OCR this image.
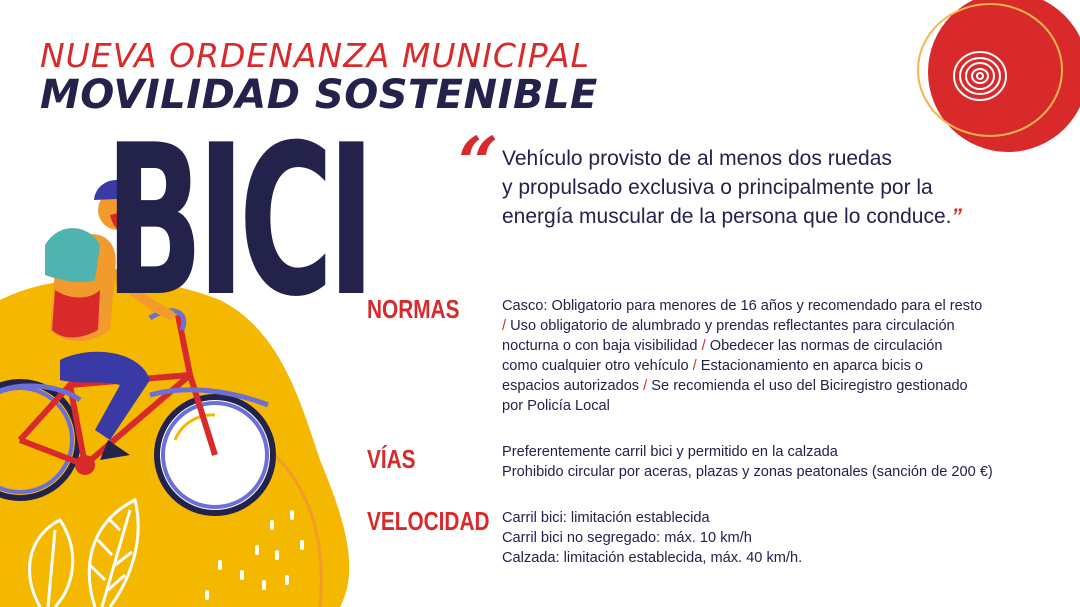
NUEVA ORDENANZA MUNICIPAL
MOVILIDAD SOSTENIBLE
BICI “ Vehículo provisto de al menos dos ruedas
y propulsado exclusiva o principalmente por la
energía muscular de la persona que lo conduce.”
NORMAS	Casco: Obligatorio para menores de 16 años y recomendado para el resto
/ Uso obligatorio de alumbrado y prendas reflectantes para circulación
nocturna o con baja visibilidad / Obedecer las normas de circulación
como cualquier otro vehículo / Estacionamiento en aparca bicis o
espacios autorizados / Se recomienda el uso del Biciregistro gestionado
por Policía Local
VÍAS	Preferentemente carril bici y permitido en la calzada
Prohibido circular por aceras, plazas y zonas peatonales (sanción de 200 €)
VELOCIDAD Carril bici: limitación establecida
Carril bici no segregado: máx. 10 km/h
Calzada: limitación establecida, máx. 40 km/h.
